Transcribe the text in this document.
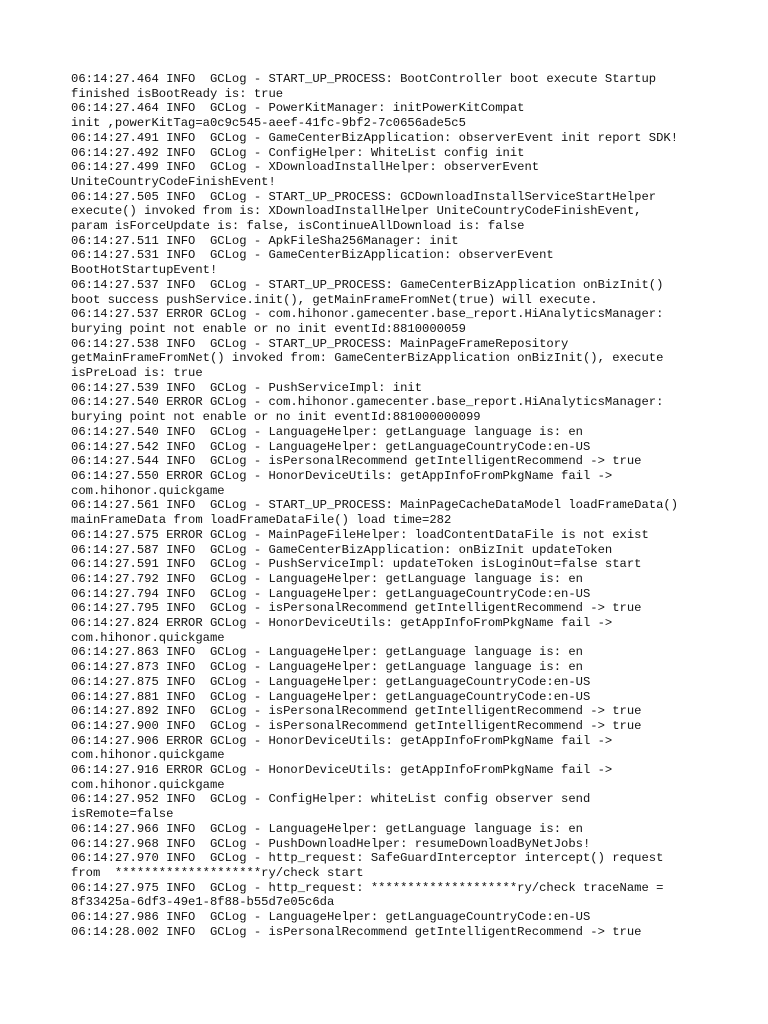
06:14:27.464 INFO  GCLog - START_UP_PROCESS: BootController boot execute Startup
finished isBootReady is: true
06:14:27.464 INFO  GCLog - PowerKitManager: initPowerKitCompat
init ,powerKitTag=a0c9c545-aeef-41fc-9bf2-7c0656ade5c5
06:14:27.491 INFO  GCLog - GameCenterBizApplication: observerEvent init report SDK!
06:14:27.492 INFO  GCLog - ConfigHelper: WhiteList config init
06:14:27.499 INFO  GCLog - XDownloadInstallHelper: observerEvent
UniteCountryCodeFinishEvent!
06:14:27.505 INFO  GCLog - START_UP_PROCESS: GCDownloadInstallServiceStartHelper
execute() invoked from is: XDownloadInstallHelper UniteCountryCodeFinishEvent,
param isForceUpdate is: false, isContinueAllDownload is: false
06:14:27.511 INFO  GCLog - ApkFileSha256Manager: init
06:14:27.531 INFO  GCLog - GameCenterBizApplication: observerEvent
BootHotStartupEvent!
06:14:27.537 INFO  GCLog - START_UP_PROCESS: GameCenterBizApplication onBizInit()
boot success pushService.init(), getMainFrameFromNet(true) will execute.
06:14:27.537 ERROR GCLog - com.hihonor.gamecenter.base_report.HiAnalyticsManager:
burying point not enable or no init eventId:8810000059
06:14:27.538 INFO  GCLog - START_UP_PROCESS: MainPageFrameRepository
getMainFrameFromNet() invoked from: GameCenterBizApplication onBizInit(), execute
isPreLoad is: true
06:14:27.539 INFO  GCLog - PushServiceImpl: init
06:14:27.540 ERROR GCLog - com.hihonor.gamecenter.base_report.HiAnalyticsManager:
burying point not enable or no init eventId:881000000099
06:14:27.540 INFO  GCLog - LanguageHelper: getLanguage language is: en
06:14:27.542 INFO  GCLog - LanguageHelper: getLanguageCountryCode:en-US
06:14:27.544 INFO  GCLog - isPersonalRecommend getIntelligentRecommend -> true
06:14:27.550 ERROR GCLog - HonorDeviceUtils: getAppInfoFromPkgName fail ->
com.hihonor.quickgame
06:14:27.561 INFO  GCLog - START_UP_PROCESS: MainPageCacheDataModel loadFrameData()
mainFrameData from loadFrameDataFile() load time=282
06:14:27.575 ERROR GCLog - MainPageFileHelper: loadContentDataFile is not exist
06:14:27.587 INFO  GCLog - GameCenterBizApplication: onBizInit updateToken
06:14:27.591 INFO  GCLog - PushServiceImpl: updateToken isLoginOut=false start
06:14:27.792 INFO  GCLog - LanguageHelper: getLanguage language is: en
06:14:27.794 INFO  GCLog - LanguageHelper: getLanguageCountryCode:en-US
06:14:27.795 INFO  GCLog - isPersonalRecommend getIntelligentRecommend -> true
06:14:27.824 ERROR GCLog - HonorDeviceUtils: getAppInfoFromPkgName fail ->
com.hihonor.quickgame
06:14:27.863 INFO  GCLog - LanguageHelper: getLanguage language is: en
06:14:27.873 INFO  GCLog - LanguageHelper: getLanguage language is: en
06:14:27.875 INFO  GCLog - LanguageHelper: getLanguageCountryCode:en-US
06:14:27.881 INFO  GCLog - LanguageHelper: getLanguageCountryCode:en-US
06:14:27.892 INFO  GCLog - isPersonalRecommend getIntelligentRecommend -> true
06:14:27.900 INFO  GCLog - isPersonalRecommend getIntelligentRecommend -> true
06:14:27.906 ERROR GCLog - HonorDeviceUtils: getAppInfoFromPkgName fail ->
com.hihonor.quickgame
06:14:27.916 ERROR GCLog - HonorDeviceUtils: getAppInfoFromPkgName fail ->
com.hihonor.quickgame
06:14:27.952 INFO  GCLog - ConfigHelper: whiteList config observer send
isRemote=false
06:14:27.966 INFO  GCLog - LanguageHelper: getLanguage language is: en
06:14:27.968 INFO  GCLog - PushDownloadHelper: resumeDownloadByNetJobs!
06:14:27.970 INFO  GCLog - http_request: SafeGuardInterceptor intercept() request
from  ********************ry/check start
06:14:27.975 INFO  GCLog - http_request: ********************ry/check traceName =
8f33425a-6df3-49e1-8f88-b55d7e05c6da
06:14:27.986 INFO  GCLog - LanguageHelper: getLanguageCountryCode:en-US
06:14:28.002 INFO  GCLog - isPersonalRecommend getIntelligentRecommend -> true
